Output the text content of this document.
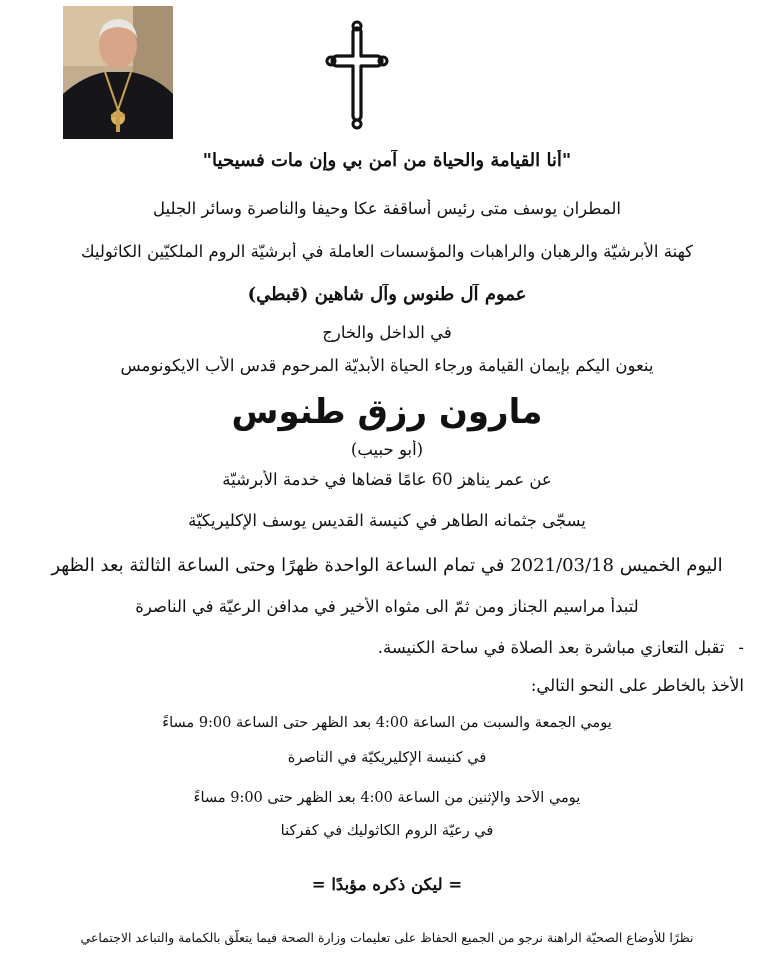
"أنا القيامة والحياة من آمن بي وإن مات فسيحيا"
المطران يوسف متى رئيس أساقفة عكا وحيفا والناصرة وسائر الجليل
كهنة الأبرشيّة والرهبان والراهبات والمؤسسات العاملة في أبرشيّة الروم الملكيّين الكاثوليك
عموم آل طنوس وآل شاهين (قبطي)
في الداخل والخارج
ينعون اليكم بإيمان القيامة ورجاء الحياة الأبديّة المرحوم قدس الأب الايكونومس
مارون رزق طنوس
(أبو حبيب)
عن عمر يناهز 60 عامًا قضاها في خدمة الأبرشيّة
يسجّى جثمانه الطاهر في كنيسة القديس يوسف الإكليريكيّة
اليوم الخميس 2021/03/18 في تمام الساعة الواحدة ظهرًا وحتى الساعة الثالثة بعد الظهر
لتبدأ مراسيم الجناز ومن ثمّ الى مثواه الأخير في مدافن الرعيّة في الناصرة
-تقبل التعازي مباشرة بعد الصلاة في ساحة الكنيسة.
الأخذ بالخاطر على النحو التالي:
يومي الجمعة والسبت من الساعة 4:00 بعد الظهر حتى الساعة 9:00 مساءً
في كنيسة الإكليريكيّة في الناصرة
يومي الأحد والإثنين من الساعة 4:00 بعد الظهر حتى 9:00 مساءً
في رعيّة الروم الكاثوليك في كفركنا
= ليكن ذكره مؤبدًا =
نظرًا للأوضاع الصحيّة الراهنة نرجو من الجميع الحفاظ على تعليمات وزارة الصحة فيما يتعلّق بالكمامة والتباعد الاجتماعي
